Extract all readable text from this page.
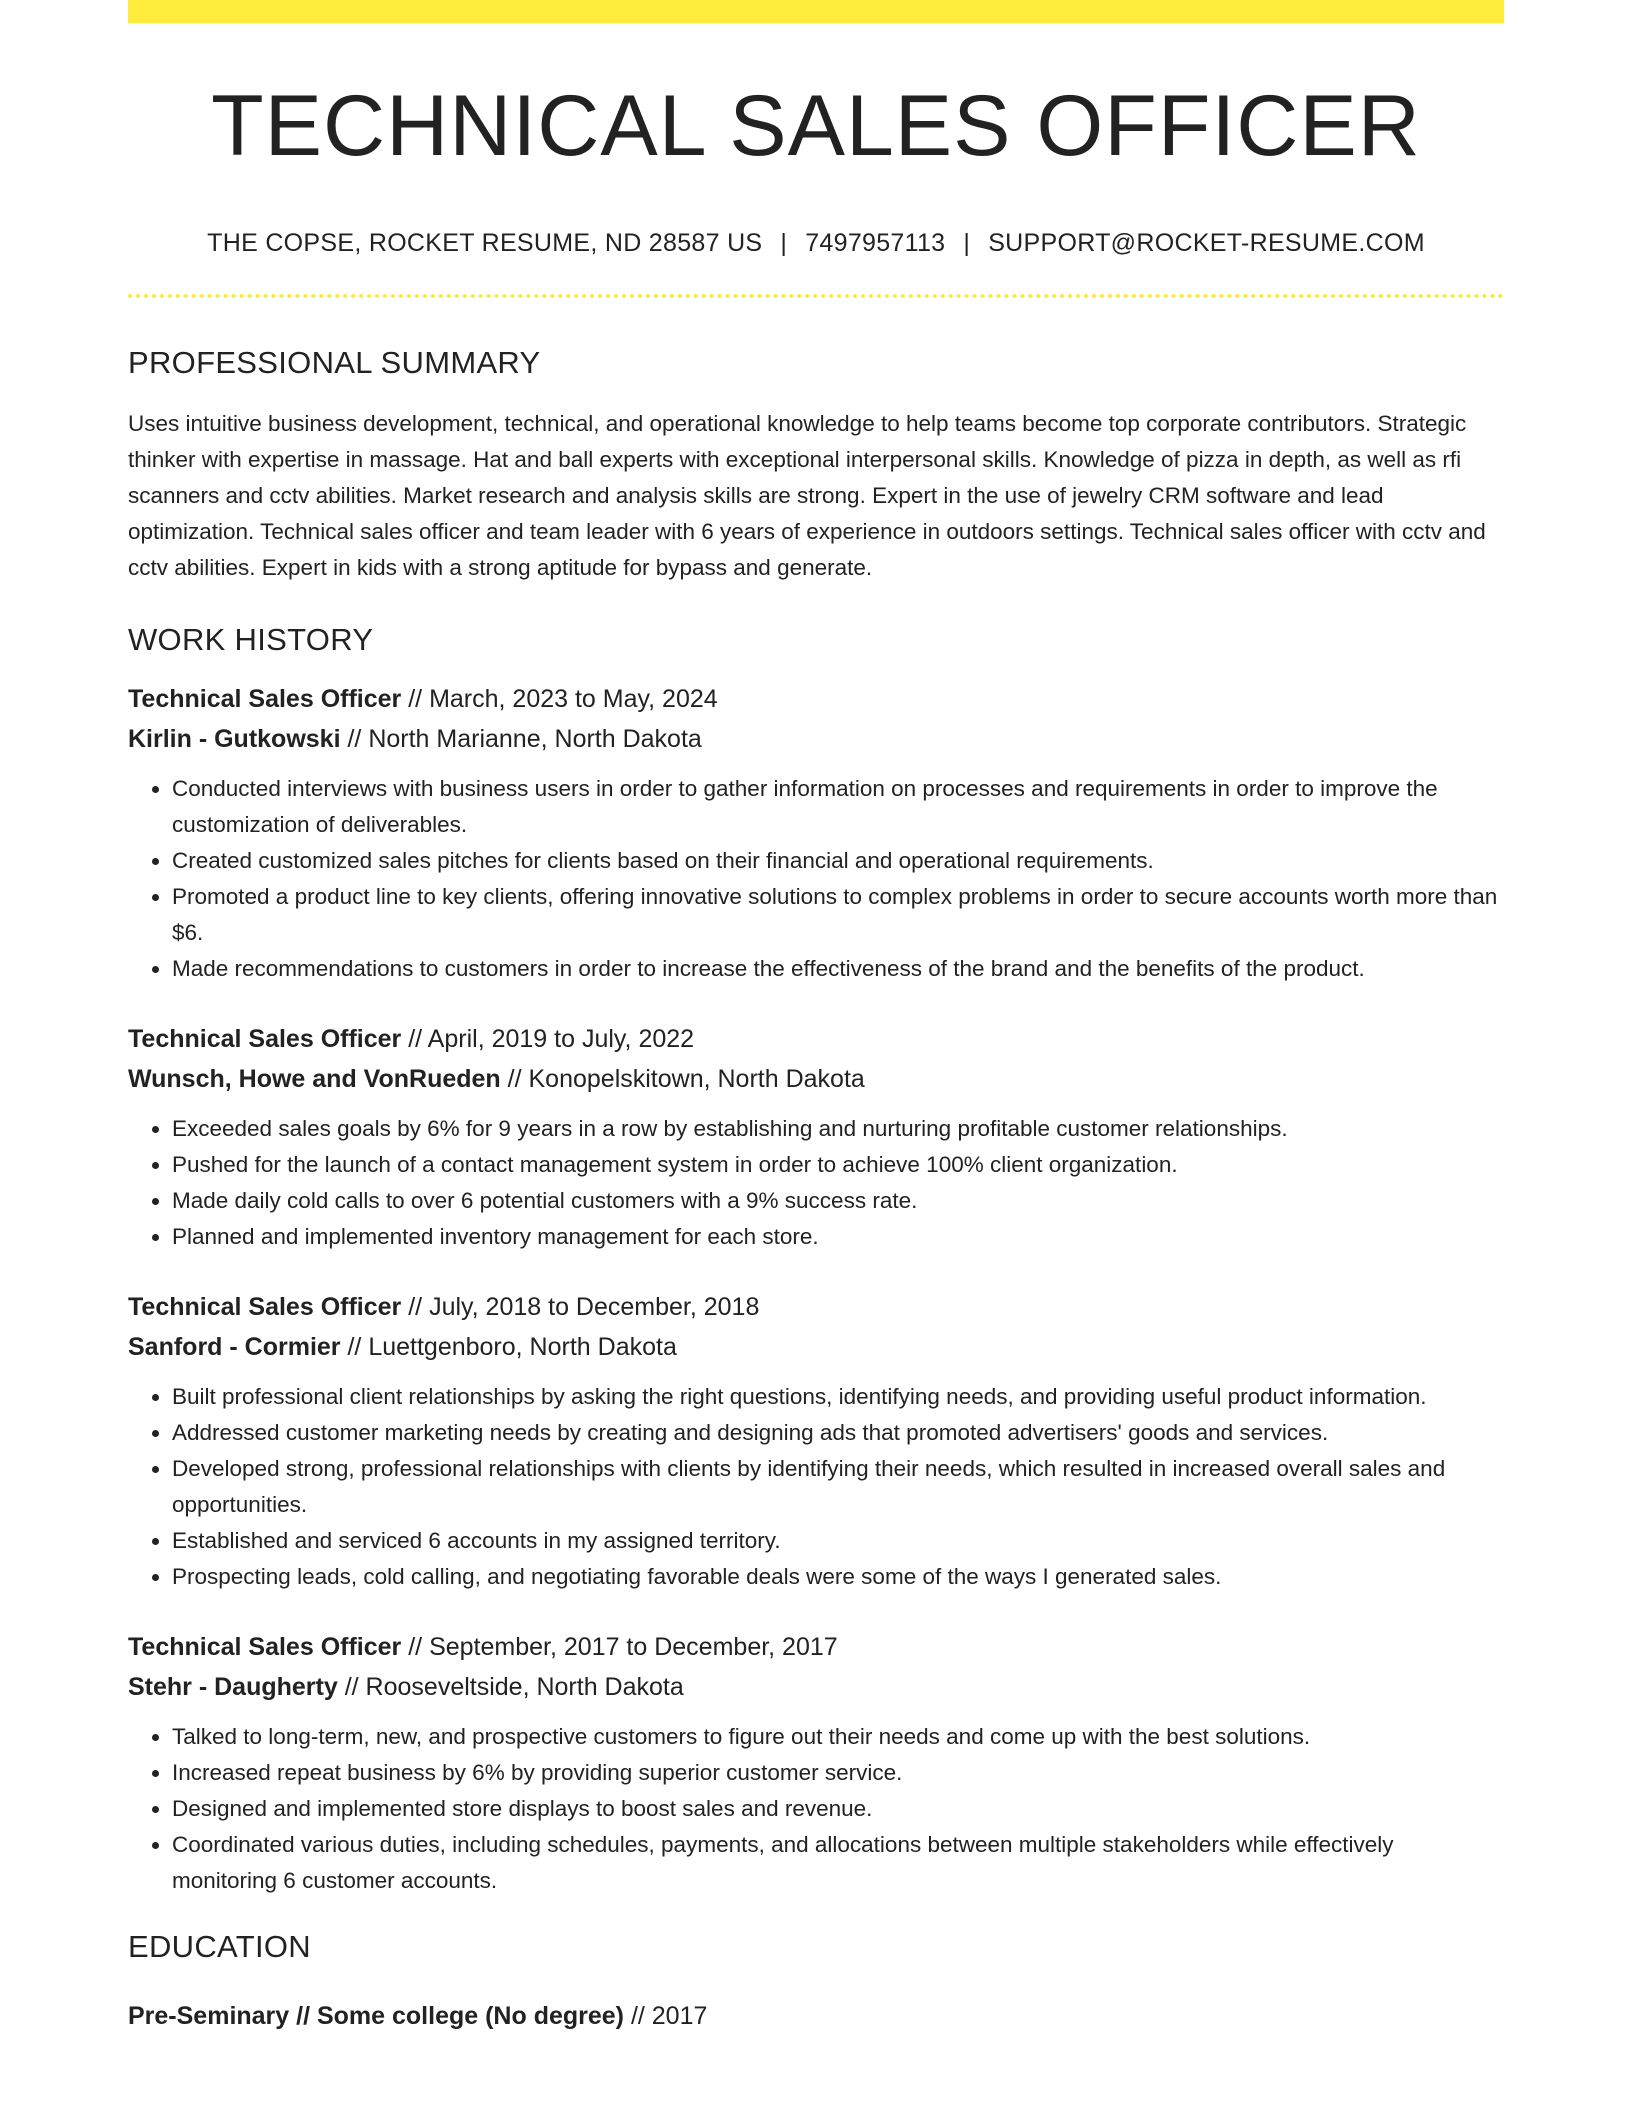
TECHNICAL SALES OFFICER
THE COPSE, ROCKET RESUME, ND 28587 US | 7497957113 | SUPPORT@ROCKET-RESUME.COM
PROFESSIONAL SUMMARY
Uses intuitive business development, technical, and operational knowledge to help teams become top corporate contributors. Strategic thinker with expertise in massage. Hat and ball experts with exceptional interpersonal skills. Knowledge of pizza in depth, as well as rfi scanners and cctv abilities. Market research and analysis skills are strong. Expert in the use of jewelry CRM software and lead optimization. Technical sales officer and team leader with 6 years of experience in outdoors settings. Technical sales officer with cctv and cctv abilities. Expert in kids with a strong aptitude for bypass and generate.
WORK HISTORY
Technical Sales Officer // March, 2023 to May, 2024
Kirlin - Gutkowski // North Marianne, North Dakota
• Conducted interviews with business users in order to gather information on processes and requirements in order to improve the customization of deliverables.
• Created customized sales pitches for clients based on their financial and operational requirements.
• Promoted a product line to key clients, offering innovative solutions to complex problems in order to secure accounts worth more than $6.
• Made recommendations to customers in order to increase the effectiveness of the brand and the benefits of the product.
Technical Sales Officer // April, 2019 to July, 2022
Wunsch, Howe and VonRueden // Konopelskitown, North Dakota
• Exceeded sales goals by 6% for 9 years in a row by establishing and nurturing profitable customer relationships.
• Pushed for the launch of a contact management system in order to achieve 100% client organization.
• Made daily cold calls to over 6 potential customers with a 9% success rate.
• Planned and implemented inventory management for each store.
Technical Sales Officer // July, 2018 to December, 2018
Sanford - Cormier // Luettgenboro, North Dakota
• Built professional client relationships by asking the right questions, identifying needs, and providing useful product information.
• Addressed customer marketing needs by creating and designing ads that promoted advertisers' goods and services.
• Developed strong, professional relationships with clients by identifying their needs, which resulted in increased overall sales and opportunities.
• Established and serviced 6 accounts in my assigned territory.
• Prospecting leads, cold calling, and negotiating favorable deals were some of the ways I generated sales.
Technical Sales Officer // September, 2017 to December, 2017
Stehr - Daugherty // Rooseveltside, North Dakota
• Talked to long-term, new, and prospective customers to figure out their needs and come up with the best solutions.
• Increased repeat business by 6% by providing superior customer service.
• Designed and implemented store displays to boost sales and revenue.
• Coordinated various duties, including schedules, payments, and allocations between multiple stakeholders while effectively monitoring 6 customer accounts.
EDUCATION
Pre-Seminary // Some college (No degree) // 2017
